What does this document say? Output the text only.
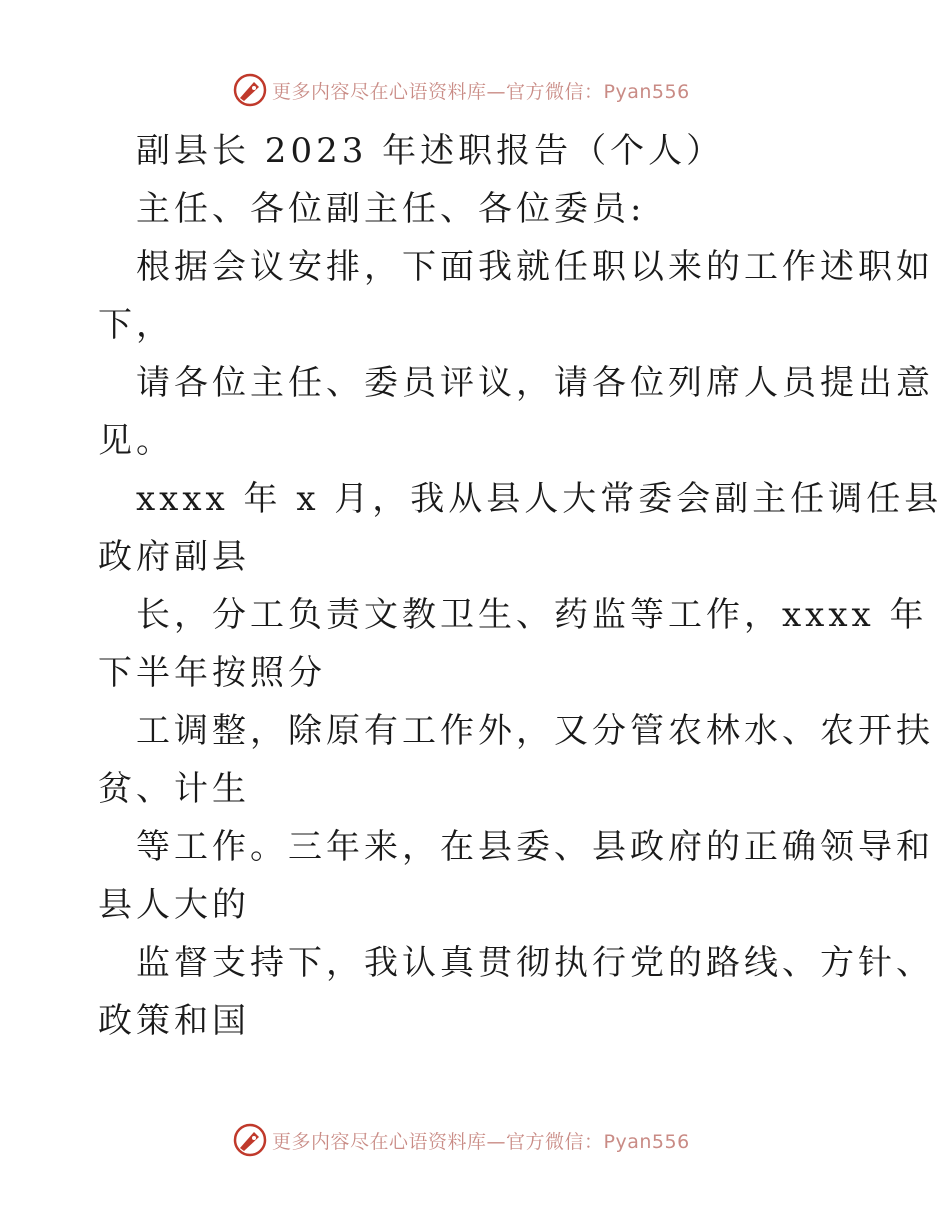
更多内容尽在心语资料库—官方微信：Pyan556
副县长 2023 年述职报告（个人）
主任、各位副主任、各位委员:
根据会议安排，下面我就任职以来的工作述职如
下，
请各位主任、委员评议，请各位列席人员提出意
见。
xxxx 年 x 月，我从县人大常委会副主任调任县
政府副县
长，分工负责文教卫生、药监等工作，xxxx 年
下半年按照分
工调整，除原有工作外，又分管农林水、农开扶
贫、计生
等工作。三年来，在县委、县政府的正确领导和
县人大的
监督支持下，我认真贯彻执行党的路线、方针、
政策和国
更多内容尽在心语资料库—官方微信：Pyan556
